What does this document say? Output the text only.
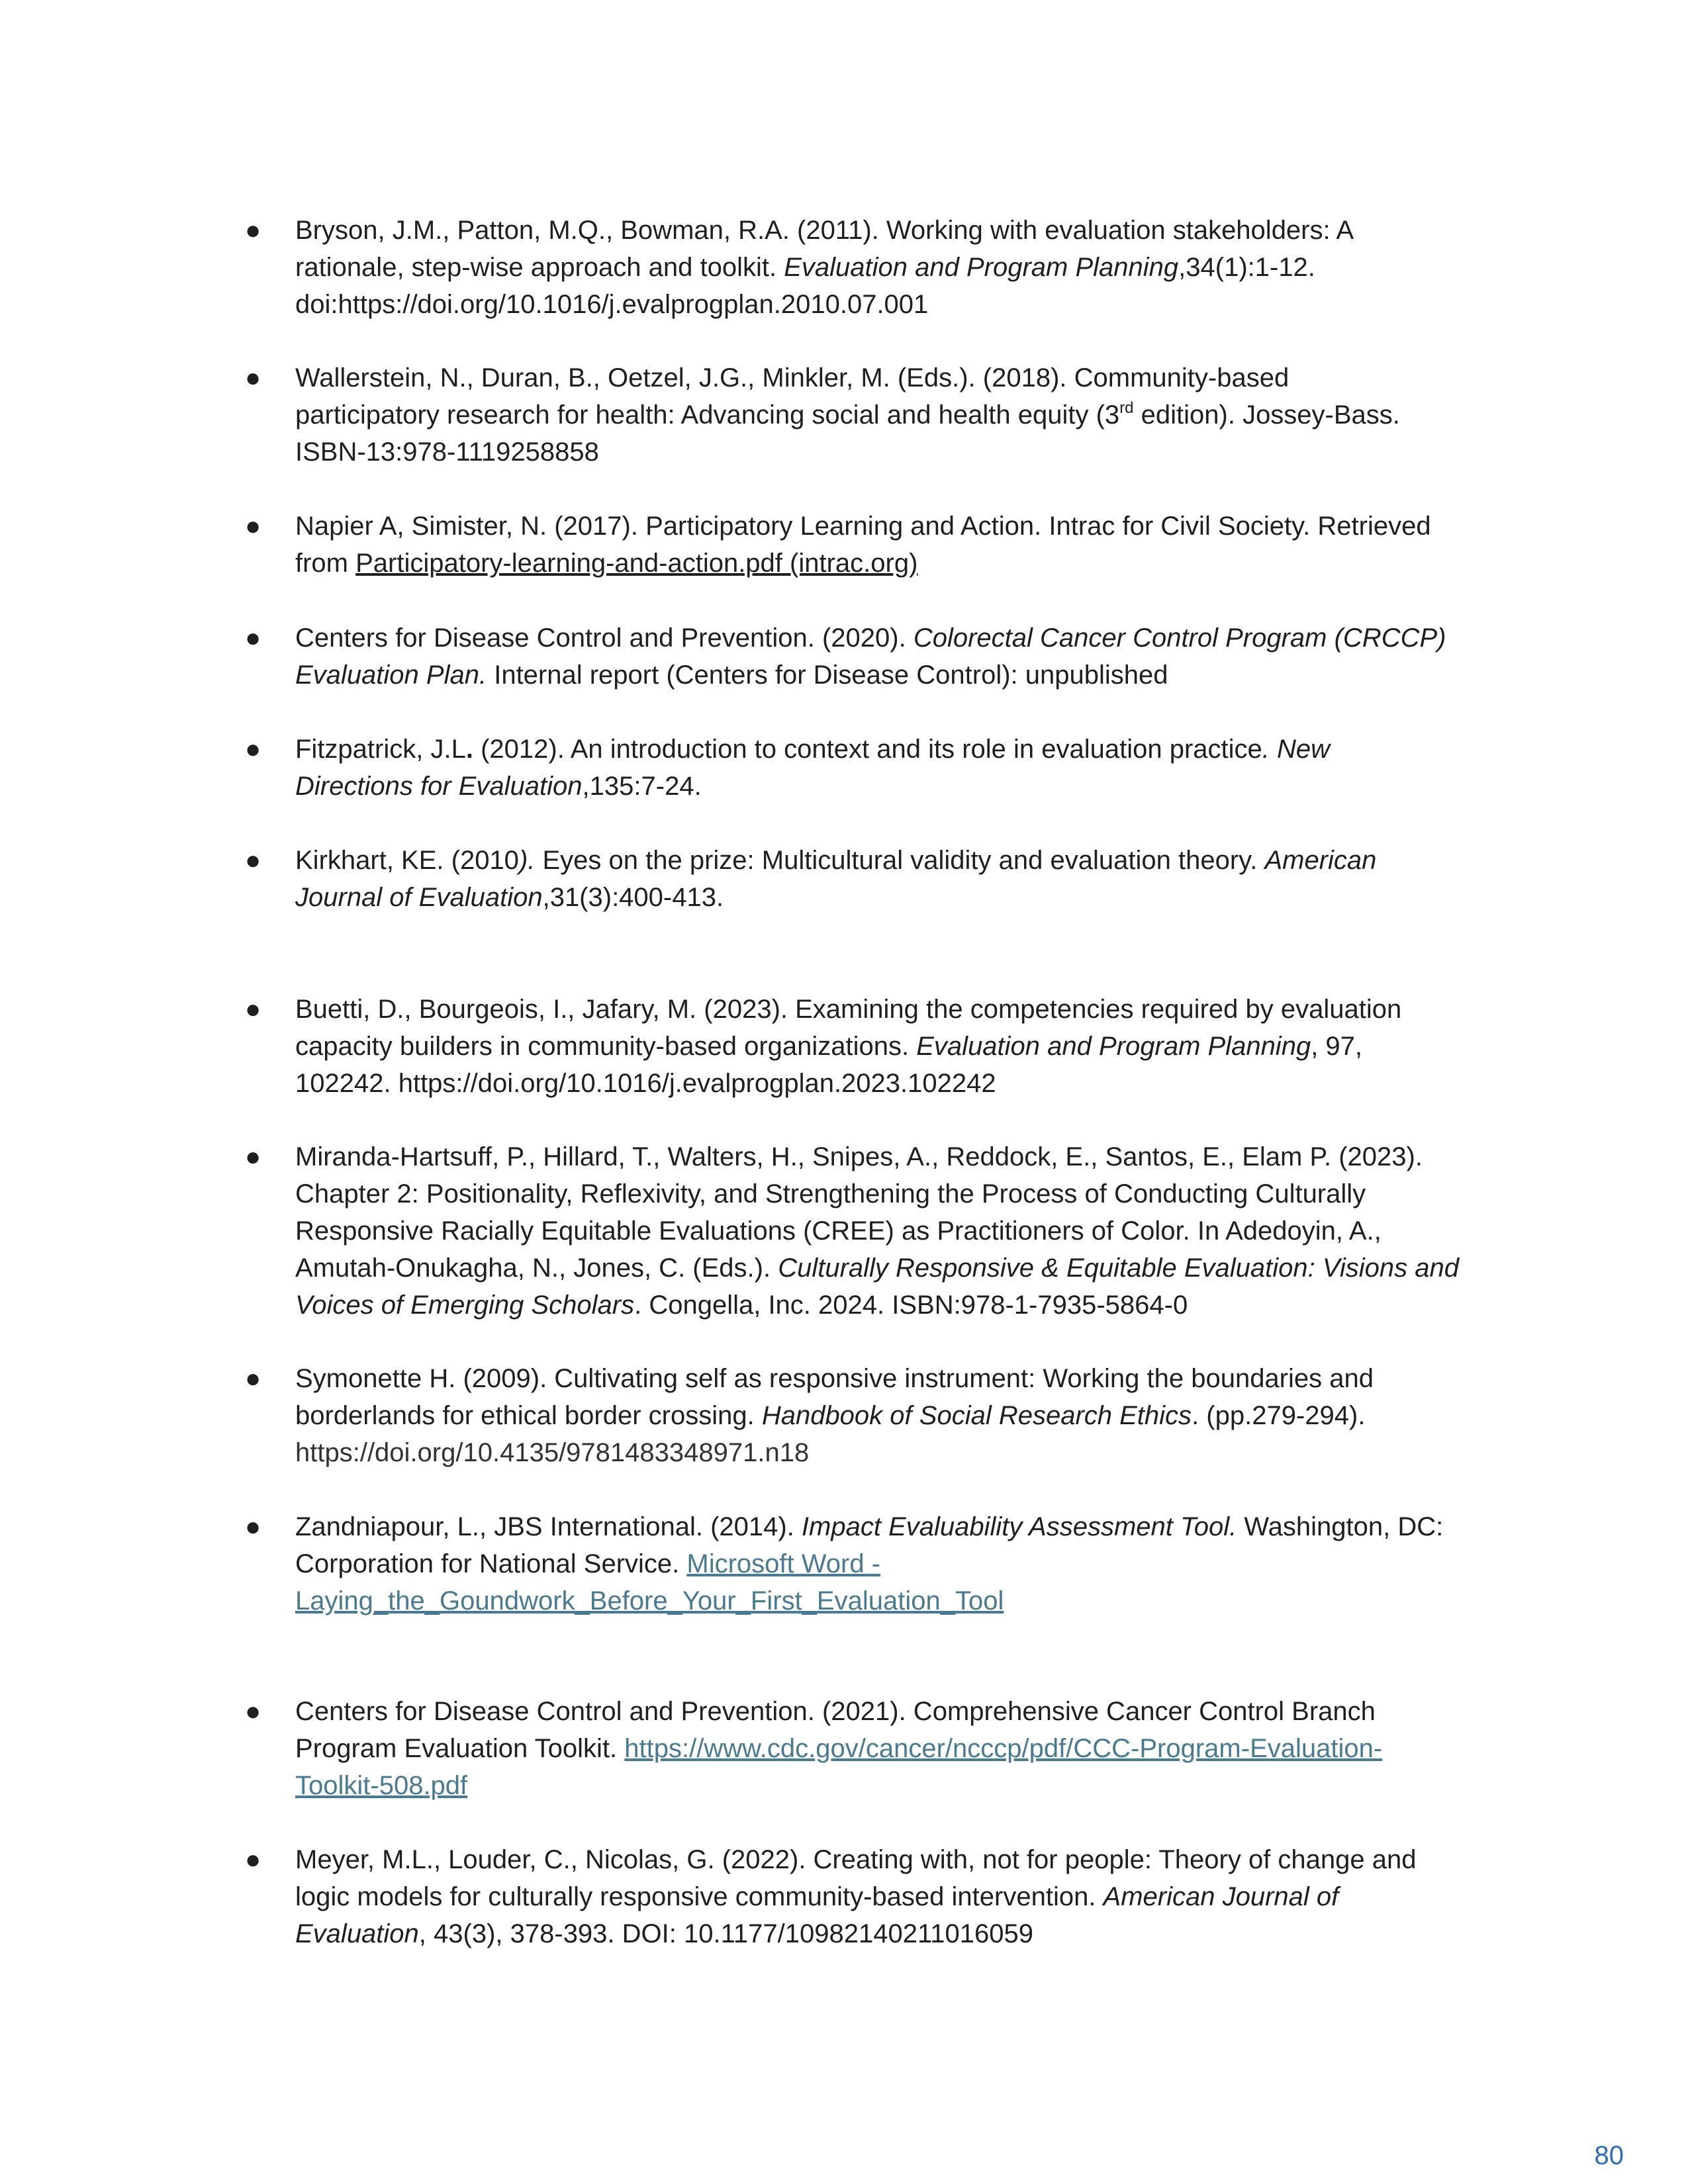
● Bryson, J.M., Patton, M.Q., Bowman, R.A. (2011). Working with evaluation stakeholders: A

rationale, step-wise approach and toolkit. Evaluation and Program Planning,34(1):1-12.

doi:https://doi.org/10.1016/j.evalprogplan.2010.07.001

● Wallerstein, N., Duran, B., Oetzel, J.G., Minkler, M. (Eds.). (2018). Community-based

participatory research for health: Advancing social and health equity (3rd edition). Jossey-Bass.

ISBN-13:978-1119258858

● Napier A, Simister, N. (2017). Participatory Learning and Action. Intrac for Civil Society. Retrieved

from Participatory-learning-and-action.pdf (intrac.org)

● Centers for Disease Control and Prevention. (2020). Colorectal Cancer Control Program (CRCCP)

Evaluation Plan. Internal report (Centers for Disease Control): unpublished

● Fitzpatrick, J.L. (2012). An introduction to context and its role in evaluation practice. New

Directions for Evaluation,135:7-24.

● Kirkhart, KE. (2010). Eyes on the prize: Multicultural validity and evaluation theory. American

Journal of Evaluation,31(3):400-413.

● Buetti, D., Bourgeois, I., Jafary, M. (2023). Examining the competencies required by evaluation

capacity builders in community-based organizations. Evaluation and Program Planning, 97,

102242. https://doi.org/10.1016/j.evalprogplan.2023.102242

● Miranda-Hartsuff, P., Hillard, T., Walters, H., Snipes, A., Reddock, E., Santos, E., Elam P. (2023).

Chapter 2: Positionality, Reflexivity, and Strengthening the Process of Conducting Culturally

Responsive Racially Equitable Evaluations (CREE) as Practitioners of Color. In Adedoyin, A.,

Amutah-Onukagha, N., Jones, C. (Eds.). Culturally Responsive & Equitable Evaluation: Visions and

Voices of Emerging Scholars. Congella, Inc. 2024. ISBN:978-1-7935-5864-0

● Symonette H. (2009). Cultivating self as responsive instrument: Working the boundaries and

borderlands for ethical border crossing. Handbook of Social Research Ethics. (pp.279-294).

https://doi.org/10.4135/9781483348971.n18

● Zandniapour, L., JBS International. (2014). Impact Evaluability Assessment Tool. Washington, DC:

Corporation for National Service. Microsoft Word -

Laying_the_Goundwork_Before_Your_First_Evaluation_Tool

● Centers for Disease Control and Prevention. (2021). Comprehensive Cancer Control Branch

Program Evaluation Toolkit. https://www.cdc.gov/cancer/ncccp/pdf/CCC-Program-Evaluation-

Toolkit-508.pdf

● Meyer, M.L., Louder, C., Nicolas, G. (2022). Creating with, not for people: Theory of change and

logic models for culturally responsive community-based intervention. American Journal of

Evaluation, 43(3), 378-393. DOI: 10.1177/10982140211016059

80
